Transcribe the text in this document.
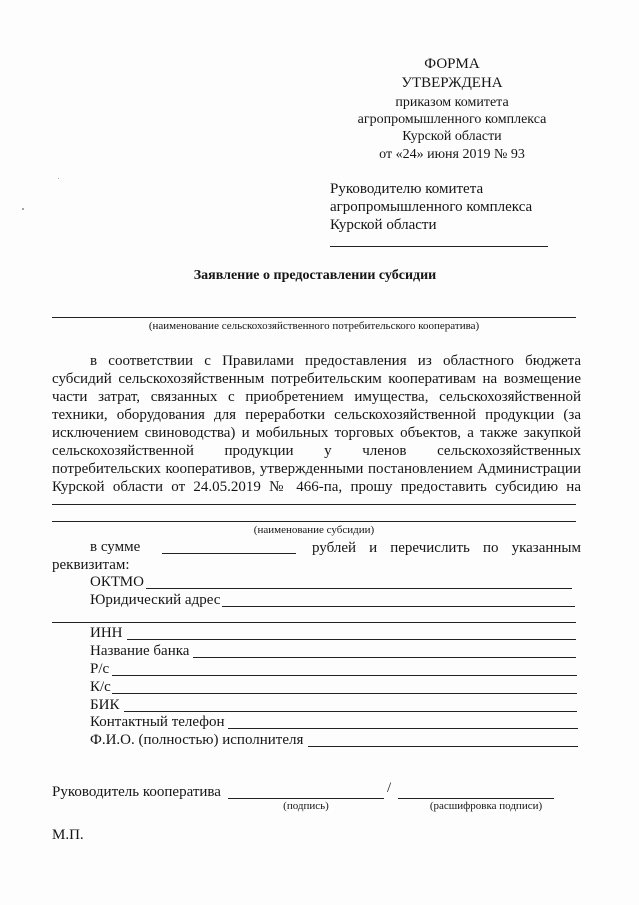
ФОРМА
УТВЕРЖДЕНА
приказом комитета
агропромышленного комплекса
Курской области
от «24» июня 2019 № 93
Руководителю комитета
агропромышленного комплекса
Курской области
Заявление о предоставлении субсидии
(наименование сельскохозяйственного потребительского кооператива)
в соответствии с Правилами предоставления из областного бюджета
субсидий сельскохозяйственным потребительским кооперативам на возмещение
части затрат, связанных с приобретением имущества, сельскохозяйственной
техники, оборудования для переработки сельскохозяйственной продукции (за
исключением свиноводства) и мобильных торговых объектов, а также закупкой
сельскохозяйственной продукции у членов сельскохозяйственных
потребительских кооперативов, утвержденными постановлением Администрации
Курской области от 24.05.2019 № 466-па, прошу предоставить субсидию на
(наименование субсидии)
в сумме	рублей и перечислить по указанным
реквизитам:
ОКТМО
Юридический адрес
ИНН
Название банка
Р/с
К/с
БИК
Контактный телефон
Ф.И.О. (полностью) исполнителя
Руководитель кооператива	/
(подпись)	(расшифровка подписи)
М.П.
